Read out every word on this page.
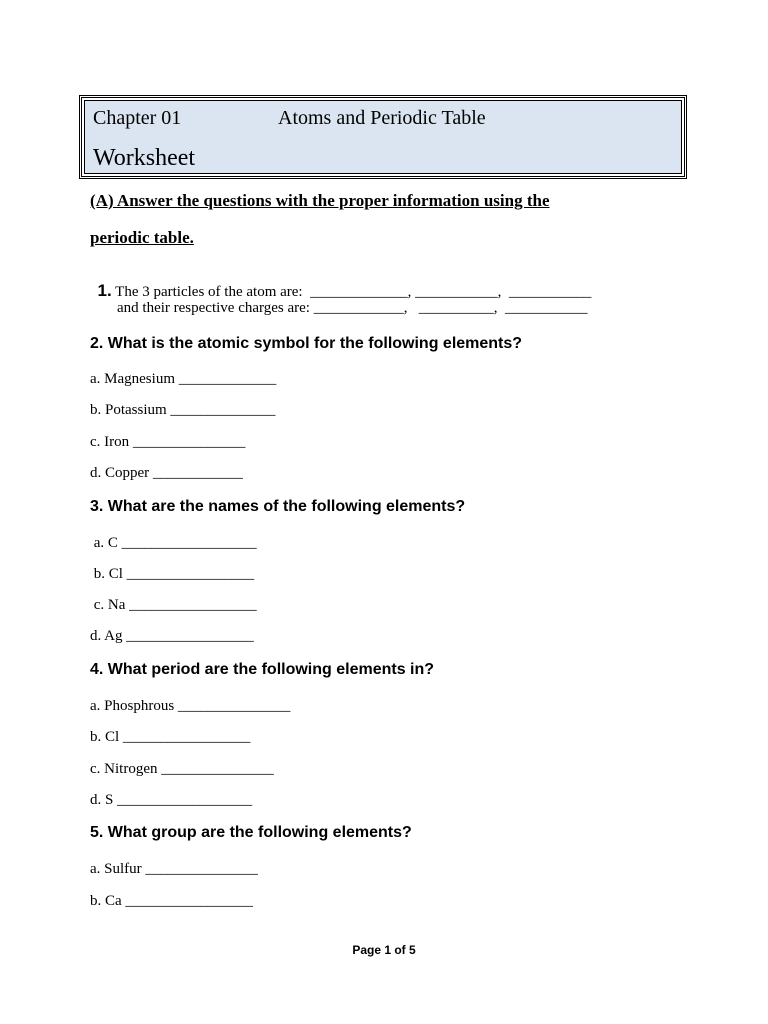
Chapter 01	Atoms and Periodic Table
Worksheet
(A) Answer the questions with the proper information using the
periodic table.

1. The 3 particles of the atom are:  _____________, ___________,  ___________

and their respective charges are: ____________,   __________,  ___________
2. What is the atomic symbol for the following elements?
a. Magnesium _____________
b. Potassium ______________
c. Iron _______________
d. Copper ____________
3. What are the names of the following elements?
a. C __________________
b. Cl _________________
c. Na _________________
d. Ag _________________
4. What period are the following elements in?
a. Phosphrous _______________
b. Cl _________________
c. Nitrogen _______________
d. S __________________
5. What group are the following elements?
a. Sulfur _______________
b. Ca _________________
Page 1 of 5
